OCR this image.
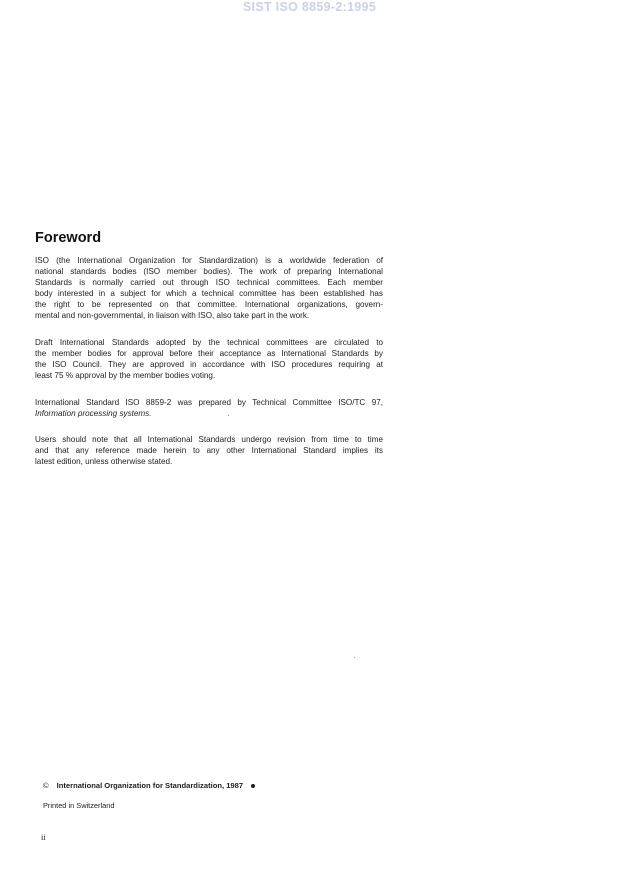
SIST ISO 8859-2:1995
Foreword
ISO (the International Organization for Standardization) is a worldwide federation of
national standards bodies (ISO member bodies). The work of preparing International
Standards is normally carried out through ISO technical committees. Each member
body interested in a subject for which a technical committee has been established has
the right to be represented on that committee. International organizations, govern-
mental and non-governmental, in liaison with ISO, also take part in the work.
Draft International Standards adopted by the technical committees are circulated to
the member bodies for approval before their acceptance as International Standards by
the ISO Council. They are approved in accordance with ISO procedures requiring at
least 75 % approval by the member bodies voting.
International Standard ISO 8859-2 was prepared by Technical Committee ISO/TC 97,
Information processing systems.
Users should note that all International Standards undergo revision from time to time
and that any reference made herein to any other International Standard implies its
latest edition, unless otherwise stated.
© International Organization for Standardization, 1987
Printed in Switzerland
ii
